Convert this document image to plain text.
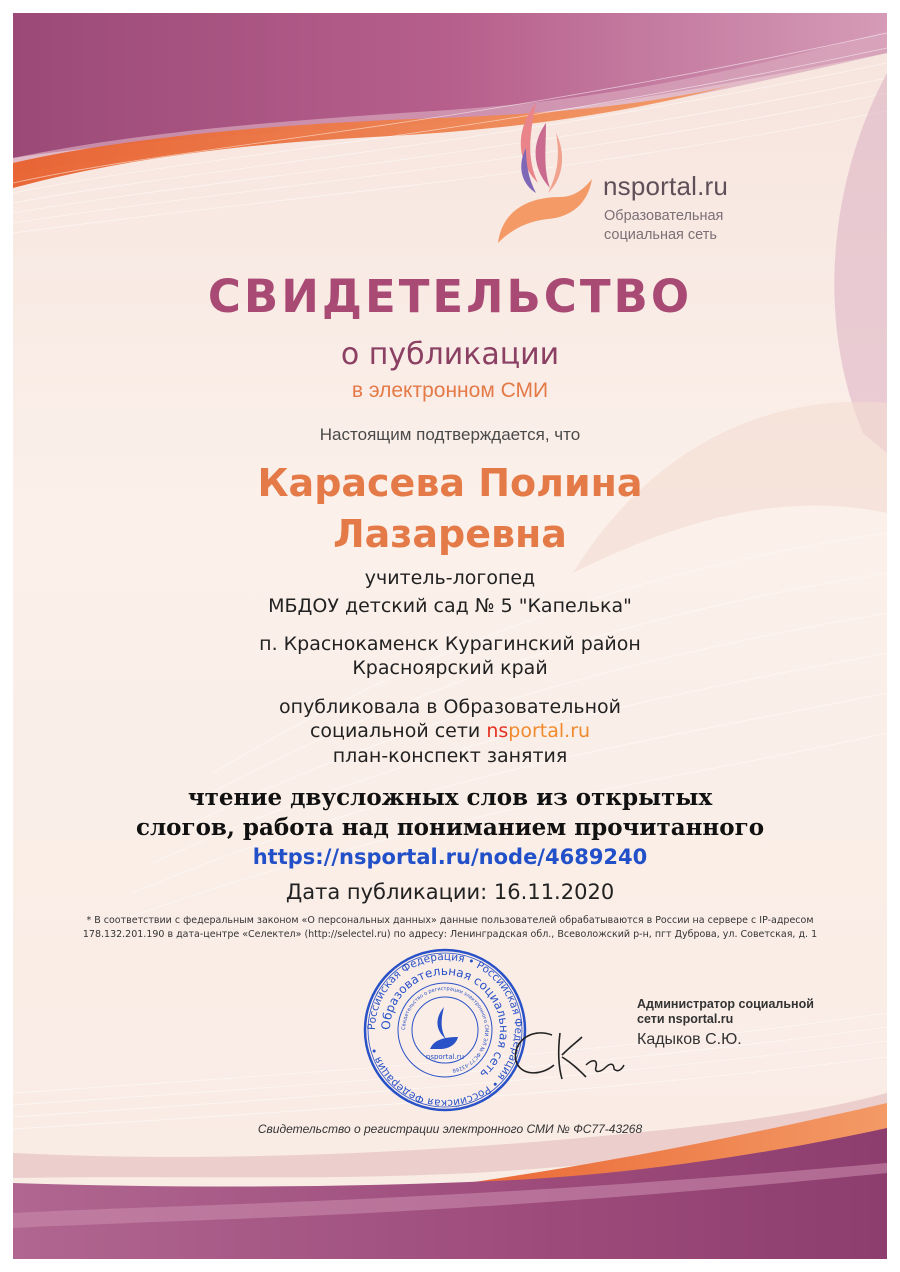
nsportal.ru
Образовательная
социальная сеть
СВИДЕТЕЛЬСТВО
о публикации
в электронном СМИ
Настоящим подтверждается, что
Карасева Полина
Лазаревна
учитель-логопед
МБДОУ детский сад № 5 "Капелька"
п. Краснокаменск Курагинский район
Красноярский край
опубликовала в Образовательной
социальной сети nsportal.ru
план-конспект занятия
чтение двусложных слов из открытых
слогов, работа над пониманием прочитанного
https://nsportal.ru/node/4689240
Дата публикации: 16.11.2020
* В соответствии с федеральным законом «О персональных данных» данные пользователей обрабатываются в России на сервере с IP-адресом
178.132.201.190 в дата-центре «Селектел» (http://selectel.ru) по адресу: Ленинградская обл., Всеволожский р-н, пгт Дуброва, ул. Советская, д. 1
Российская Федерация • Российская Федерация • Российская Федерация •
Образовательная социальная сеть
Свидетельство о регистрации электронного СМИ ЭЛ № ФС77-43268
nsportal.ru
Администратор социальной
сети nsportal.ru
Кадыков С.Ю.
Свидетельство о регистрации электронного СМИ № ФС77-43268
